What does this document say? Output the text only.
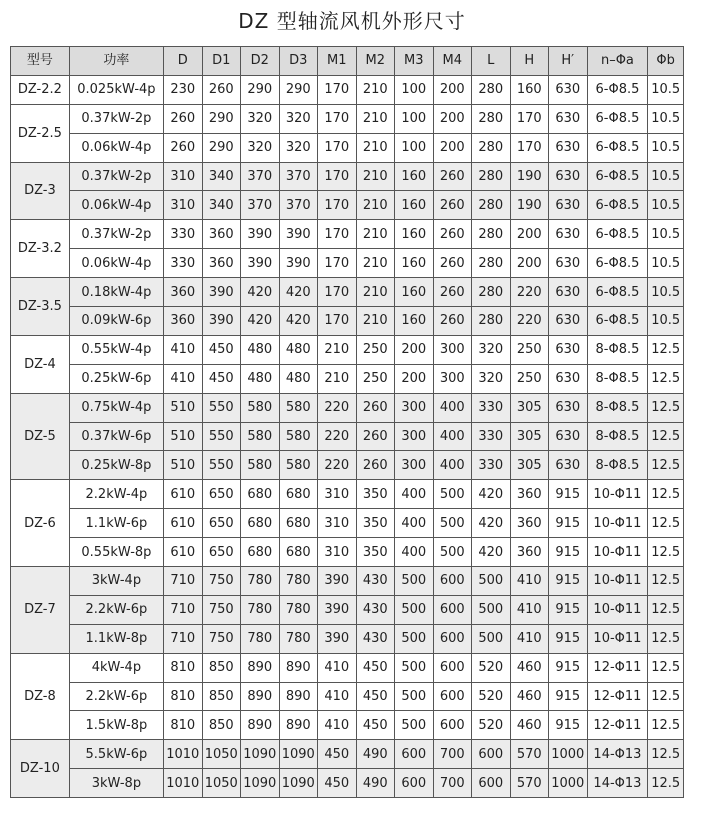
DZ 型轴流风机外形尺寸
型号	功率	D	D1	D2	D3	M1	M2	M3	M4	L	H	H′	n–Φa	Φb
DZ-2.2	0.025kW-4p	230	260	290	290	170	210	100	200	280	160	630	6-Φ8.5	10.5
DZ-2.5	0.37kW-2p	260	290	320	320	170	210	100	200	280	170	630	6-Φ8.5	10.5
	0.06kW-4p	260	290	320	320	170	210	100	200	280	170	630	6-Φ8.5	10.5
DZ-3	0.37kW-2p	310	340	370	370	170	210	160	260	280	190	630	6-Φ8.5	10.5
	0.06kW-4p	310	340	370	370	170	210	160	260	280	190	630	6-Φ8.5	10.5
DZ-3.2	0.37kW-2p	330	360	390	390	170	210	160	260	280	200	630	6-Φ8.5	10.5
	0.06kW-4p	330	360	390	390	170	210	160	260	280	200	630	6-Φ8.5	10.5
DZ-3.5	0.18kW-4p	360	390	420	420	170	210	160	260	280	220	630	6-Φ8.5	10.5
	0.09kW-6p	360	390	420	420	170	210	160	260	280	220	630	6-Φ8.5	10.5
DZ-4	0.55kW-4p	410	450	480	480	210	250	200	300	320	250	630	8-Φ8.5	12.5
	0.25kW-6p	410	450	480	480	210	250	200	300	320	250	630	8-Φ8.5	12.5
DZ-5	0.75kW-4p	510	550	580	580	220	260	300	400	330	305	630	8-Φ8.5	12.5
	0.37kW-6p	510	550	580	580	220	260	300	400	330	305	630	8-Φ8.5	12.5
	0.25kW-8p	510	550	580	580	220	260	300	400	330	305	630	8-Φ8.5	12.5
DZ-6	2.2kW-4p	610	650	680	680	310	350	400	500	420	360	915	10-Φ11	12.5
	1.1kW-6p	610	650	680	680	310	350	400	500	420	360	915	10-Φ11	12.5
	0.55kW-8p	610	650	680	680	310	350	400	500	420	360	915	10-Φ11	12.5
DZ-7	3kW-4p	710	750	780	780	390	430	500	600	500	410	915	10-Φ11	12.5
	2.2kW-6p	710	750	780	780	390	430	500	600	500	410	915	10-Φ11	12.5
	1.1kW-8p	710	750	780	780	390	430	500	600	500	410	915	10-Φ11	12.5
DZ-8	4kW-4p	810	850	890	890	410	450	500	600	520	460	915	12-Φ11	12.5
	2.2kW-6p	810	850	890	890	410	450	500	600	520	460	915	12-Φ11	12.5
	1.5kW-8p	810	850	890	890	410	450	500	600	520	460	915	12-Φ11	12.5
DZ-10	5.5kW-6p	1010	1050	1090	1090	450	490	600	700	600	570	1000	14-Φ13	12.5
	3kW-8p	1010	1050	1090	1090	450	490	600	700	600	570	1000	14-Φ13	12.5
